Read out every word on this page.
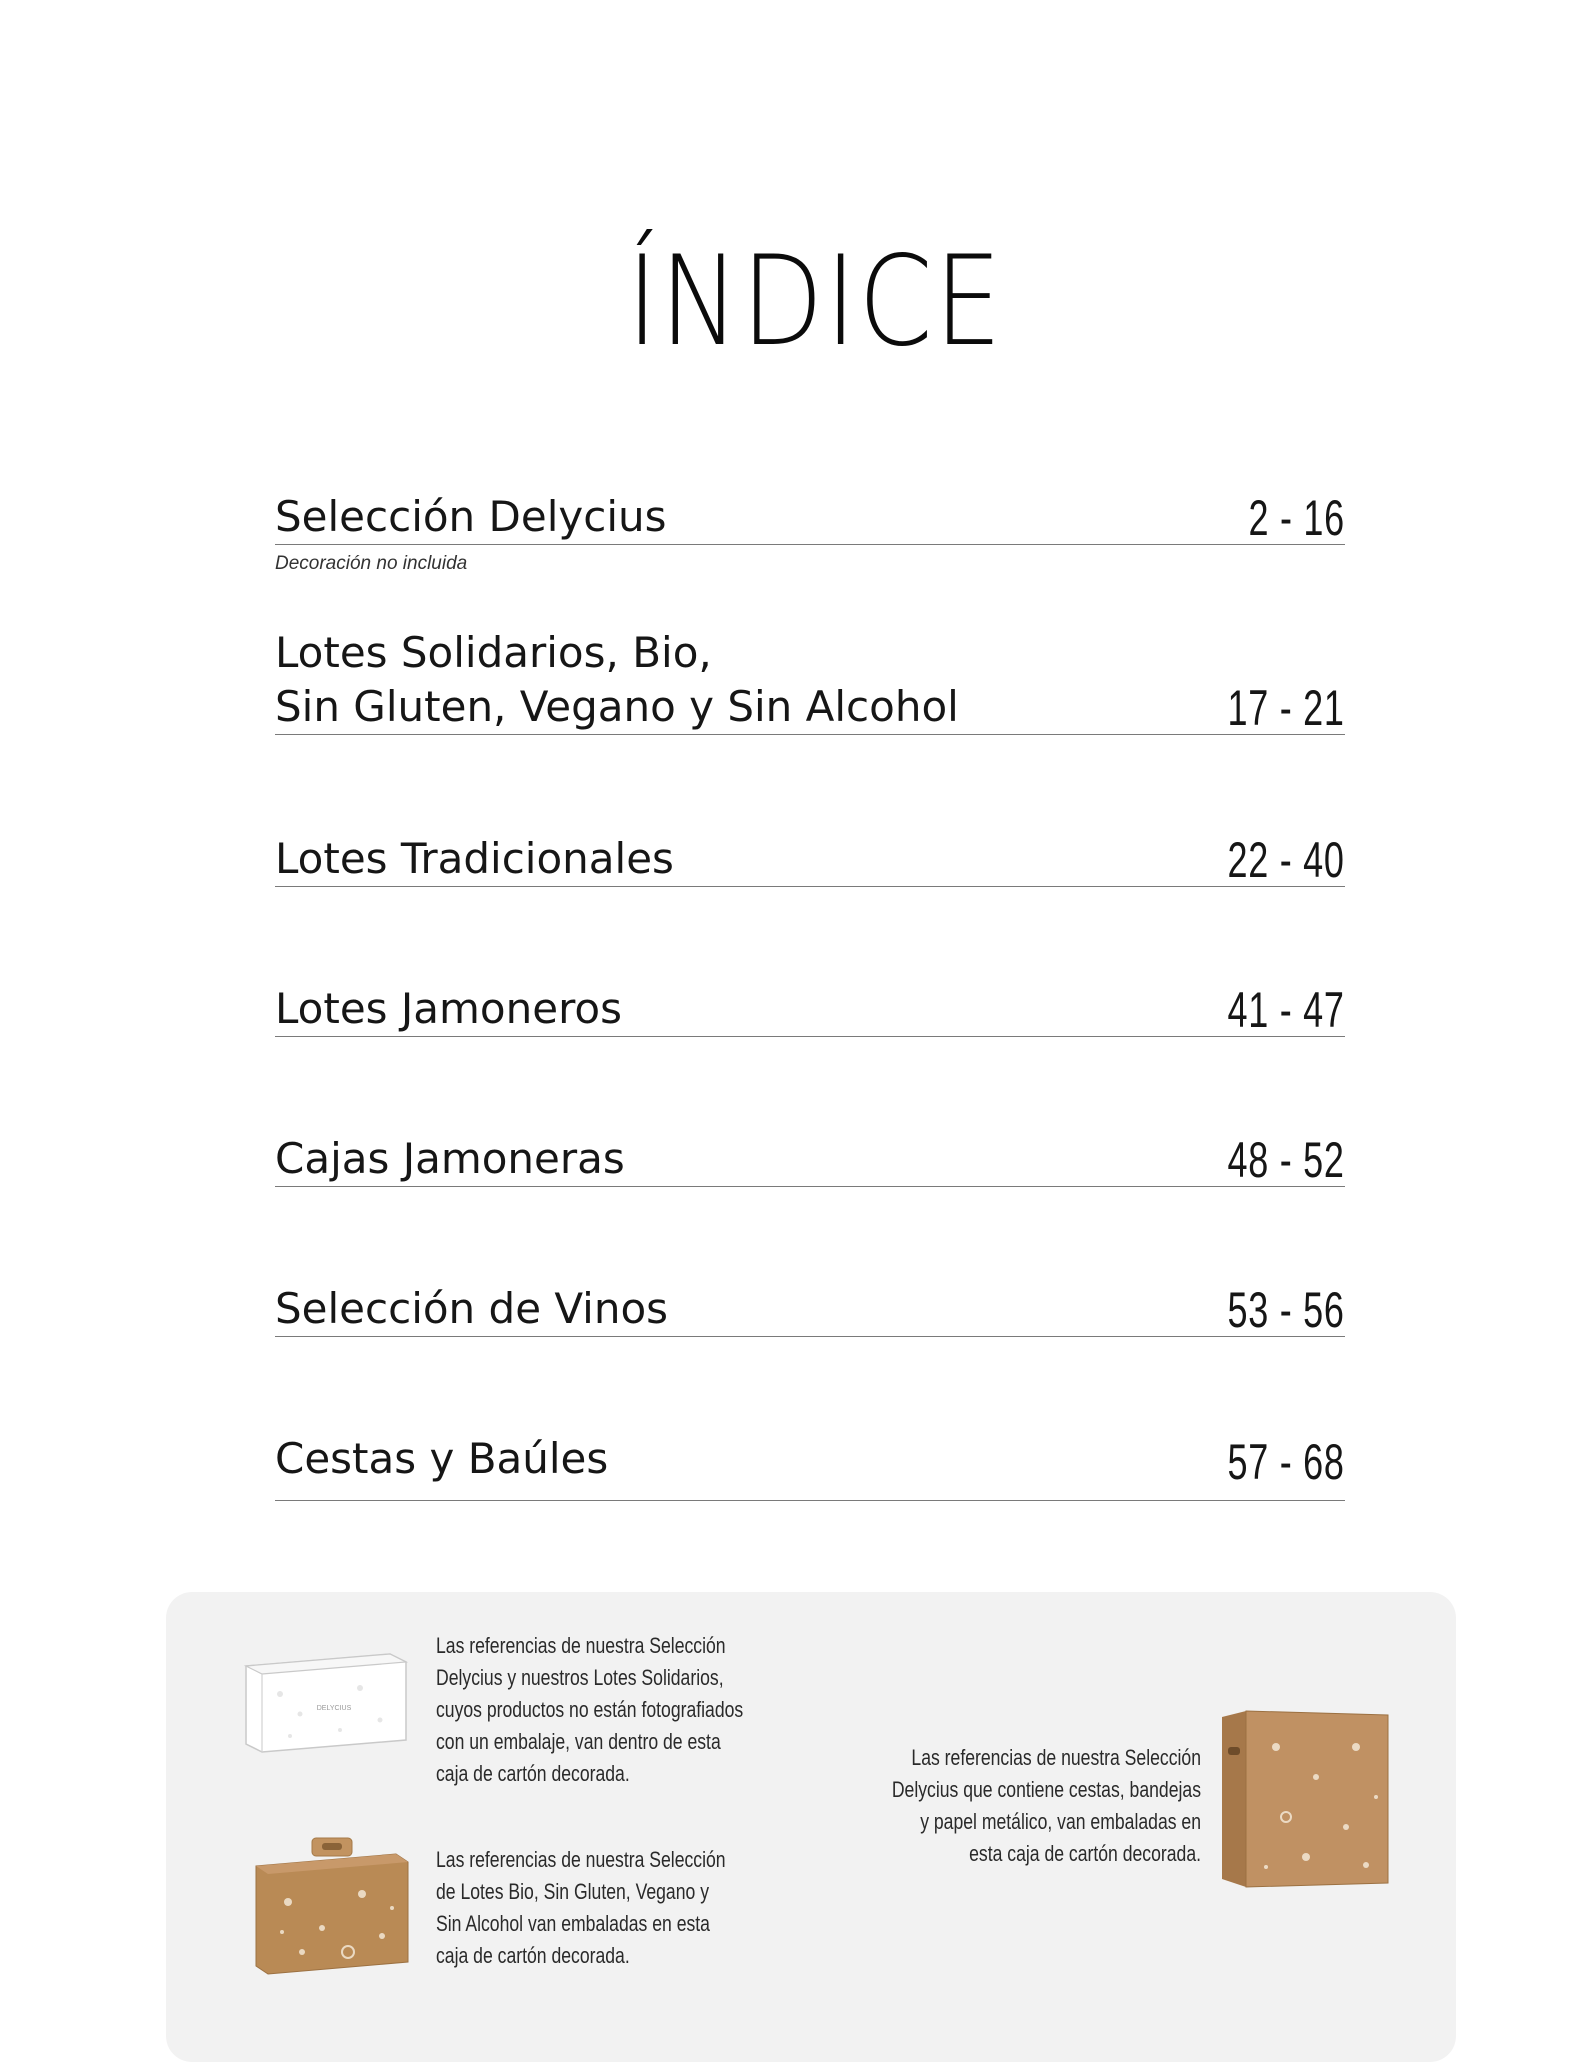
ÍNDICE
Selección Delycius	2 - 16
Decoración no incluida
Lotes Solidarios, Bio,
Sin Gluten, Vegano y Sin Alcohol	17 - 21
Lotes Tradicionales	22 - 40
Lotes Jamoneros	41 - 47
Cajas Jamoneras	48 - 52
Selección de Vinos	53 - 56
Cestas y Baúles	57 - 68
DELYCIUS
Las referencias de nuestra Selección
Delycius y nuestros Lotes Solidarios,
cuyos productos no están fotografiados
con un embalaje, van dentro de esta
caja de cartón decorada.
Las referencias de nuestra Selección
de Lotes Bio, Sin Gluten, Vegano y
Sin Alcohol van embaladas en esta
caja de cartón decorada.
Las referencias de nuestra Selección
Delycius que contiene cestas, bandejas
y papel metálico, van embaladas en
esta caja de cartón decorada.
